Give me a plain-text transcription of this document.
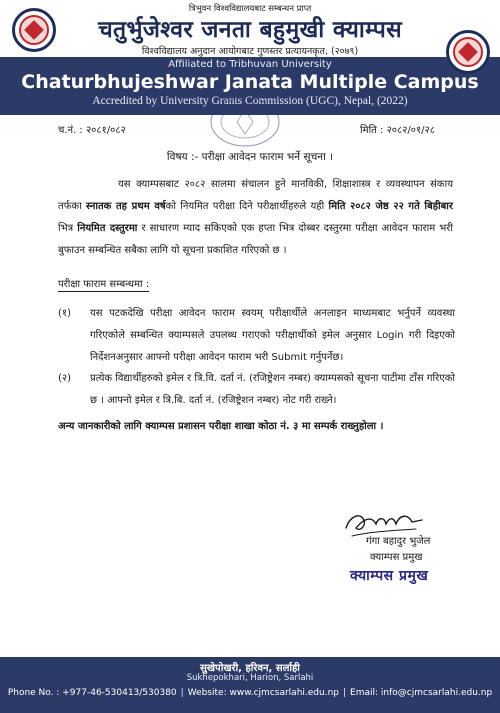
त्रिभुवन विश्वविद्यालयबाट सम्बन्धन प्राप्त
चतुर्भुजेश्वर जनता बहुमुखी क्याम्पस
विश्वविद्यालय अनुदान आयोगबाट गुणस्तर प्रत्यायनकृत, (२०७९)
Affiliated to Tribhuvan University
Chaturbhujeshwar Janata Multiple Campus
Accredited by University Grants Commission (UGC), Nepal, (2022)
च.नं. : २०८१/०८२	मिति : २०८२/०१/२८
विषय :- परीक्षा आवेदन फाराम भर्ने सूचना ।
यस क्याम्पसबाट २०८२ सालमा संचालन हुने मानविकी, शिक्षाशास्त्र र व्यवस्थापन संकाय तर्फका स्नातक तह प्रथम वर्षको नियमित परीक्षा दिने परीक्षार्थीहरुले यही मिति २०८२ जेष्ठ २२ गते बिहीबार भित्र नियमित दस्तुरमा र साधारण म्याद सकिएको एक हप्ता भित्र दोब्बर दस्तुरमा परीक्षा आवेदन फाराम भरी बुफाउन सम्बन्धित सबैका लागि यो सूचना प्रकाशित गरिएको छ ।
परीक्षा फाराम सम्बन्धमा :
(१)	यस पटकदेखि परीक्षा आवेदन फाराम स्वयम् परीक्षार्थीले अनलाइन माध्यमबाट भर्नुपर्ने व्यवस्था गरिएकोले सम्बन्धित क्याम्पसले उपलब्ध गराएको परीक्षार्थीको इमेल अनुसार Login गरी दिइएको निर्देशनअनुसार आफ्नो परीक्षा आवेदन फाराम भरी Submit गर्नुपर्नेछ।
(२)	प्रत्येक विद्यार्थीहरुको इमेल र त्रि.वि. दर्ता नं. (रजिष्ट्रेशन नम्बर) क्याम्पसको सूचना पाटीमा टाँस गरिएको छ । आफ्नो इमेल र त्रि.बि. दर्ता नं. (रजिष्ट्रेशन नम्बर) नोट गरी राख्ने।
अन्य जानकारीको लागि क्याम्पस प्रशासन परीक्षा शाखा कोठा नं. ३ मा सम्पर्क राख्नुहोला ।
गंगा बहादुर भुजेल
क्याम्पस प्रमुख
क्याम्पस प्रमुख
सुखेपोखरी, हरिवन, सर्लाही
Sukhepokhari, Harion, Sarlahi
Phone No. : +977-46-530413/530380 | Website: www.cjmcsarlahi.edu.np | Email: info@cjmcsarlahi.edu.np
